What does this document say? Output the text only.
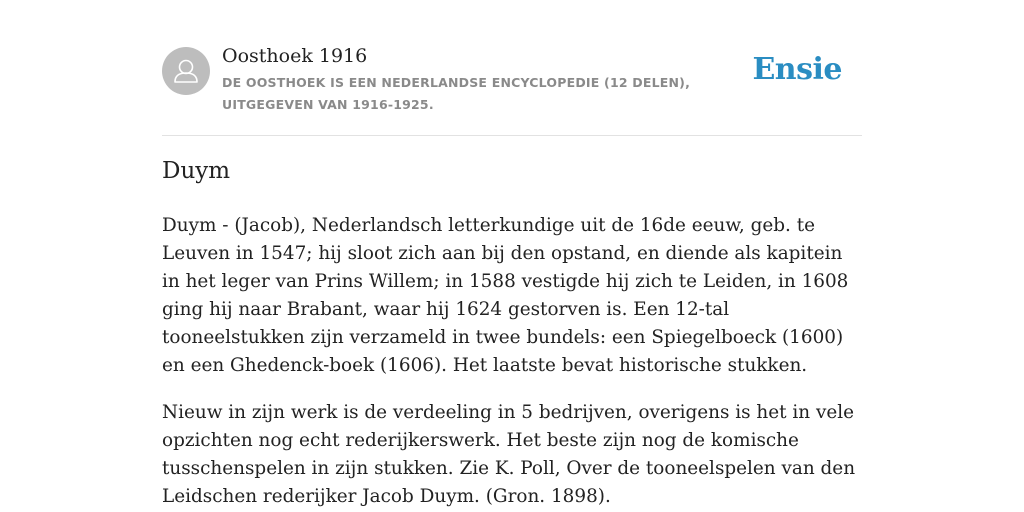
Oosthoek 1916
DE OOSTHOEK IS EEN NEDERLANDSE ENCYCLOPEDIE (12 DELEN), UITGEGEVEN VAN 1916-1925.
Ensie
Duym

Duym - (Jacob), Nederlandsch letterkundige uit de 16de eeuw, geb. te Leuven in 1547; hij sloot zich aan bij den opstand, en diende als kapitein in het leger van Prins Willem; in 1588 vestigde hij zich te Leiden, in 1608 ging hij naar Brabant, waar hij 1624 gestorven is. Een 12-tal tooneelstukken zijn verzameld in twee bundels: een Spiegelboeck (1600) en een Ghedenck-boek (1606). Het laatste bevat historische stukken.

Nieuw in zijn werk is de verdeeling in 5 bedrijven, overigens is het in vele opzichten nog echt rederijkerswerk. Het beste zijn nog de komische tusschenspelen in zijn stukken. Zie K. Poll, Over de tooneelspelen van den Leidschen rederijker Jacob Duym. (Gron. 1898).
